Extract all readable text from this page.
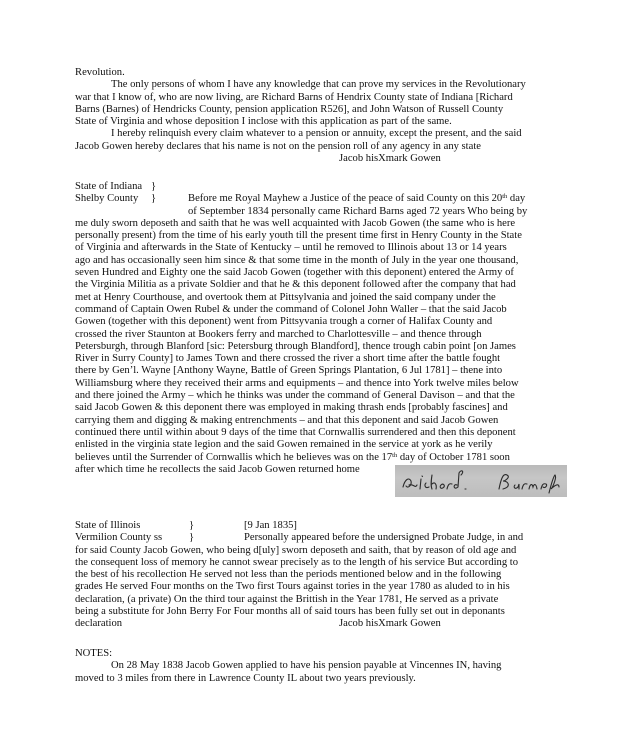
Revolution.
The only persons of whom I have any knowledge that can prove my services in the Revolutionary
war that I know of, who are now living, are Richard Barns of Hendrix County state of Indiana [Richard
Barns (Barnes) of Hendricks County, pension application R526], and John Watson of Russell County
State of Virginia and whose deposition I inclose with this application as part of the same.
I hereby relinquish every claim whatever to a pension or annuity, except the present, and the said
Jacob Gowen hereby declares that his name is not on the pension roll of any agency in any state
Jacob hisXmark Gowen
State of Indiana }
Shelby County }	Before me Royal Mayhew a Justice of the peace of said County on this 20th day
of September 1834 personally came Richard Barns aged 72 years Who being by
me duly sworn deposeth and saith that he was well acquainted with Jacob Gowen (the same who is here
personally present) from the time of his early youth till the present time first in Henry County in the State
of Virginia and afterwards in the State of Kentucky – until he removed to Illinois about 13 or 14 years
ago and has occasionally seen him since & that some time in the month of July in the year one thousand,
seven Hundred and Eighty one the said Jacob Gowen (together with this deponent) entered the Army of
the Virginia Militia as a private Soldier and that he & this deponent followed after the company that had
met at Henry Courthouse, and overtook them at Pittsylvania and joined the said company under the
command of Captain Owen Rubel & under the command of Colonel John Waller – that the said Jacob
Gowen (together with this deponent) went from Pittsyvania trough a corner of Halifax County and
crossed the river Staunton at Bookers ferry and marched to Charlottesville – and thence through
Petersburgh, through Blanford [sic: Petersburg through Blandford], thence trough cabin point [on James
River in Surry County] to James Town and there crossed the river a short time after the battle fought
there by Gen’l. Wayne [Anthony Wayne, Battle of Green Springs Plantation, 6 Jul 1781] – thene into
Williamsburg where they received their arms and equipments – and thence into York twelve miles below
and there joined the Army – which he thinks was under the command of General Davison – and that the
said Jacob Gowen & this deponent there was employed in making thrash ends [probably fascines] and
carrying them and digging & making entrenchments – and that this deponent and said Jacob Gowen
continued there until within about 9 days of the time that Cornwallis surrendered and then this deponent
enlisted in the virginia state legion and the said Gowen remained in the service at york as he verily
believes until the Surrender of Cornwallis which he believes was on the 17th day of October 1781 soon
after which time he recollects the said Jacob Gowen returned home
State of Illinois	}	[9 Jan 1835]
Vermilion County ss	}	Personally appeared before the undersigned Probate Judge, in and
for said County Jacob Gowen, who being d[uly] sworn deposeth and saith, that by reason of old age and
the consequent loss of memory he cannot swear precisely as to the length of his service But according to
the best of his recollection He served not less than the periods mentioned below and in the following
grades He served Four months on the Two first Tours against tories in the year 1780 as aluded to in his
declaration, (a private) On the third tour against the Brittish in the Year 1781, He served as a private
being a substitute for John Berry For Four months all of said tours has been fully set out in deponants
declaration	Jacob hisXmark Gowen
NOTES:
On 28 May 1838 Jacob Gowen applied to have his pension payable at Vincennes IN, having
moved to 3 miles from there in Lawrence County IL about two years previously.
